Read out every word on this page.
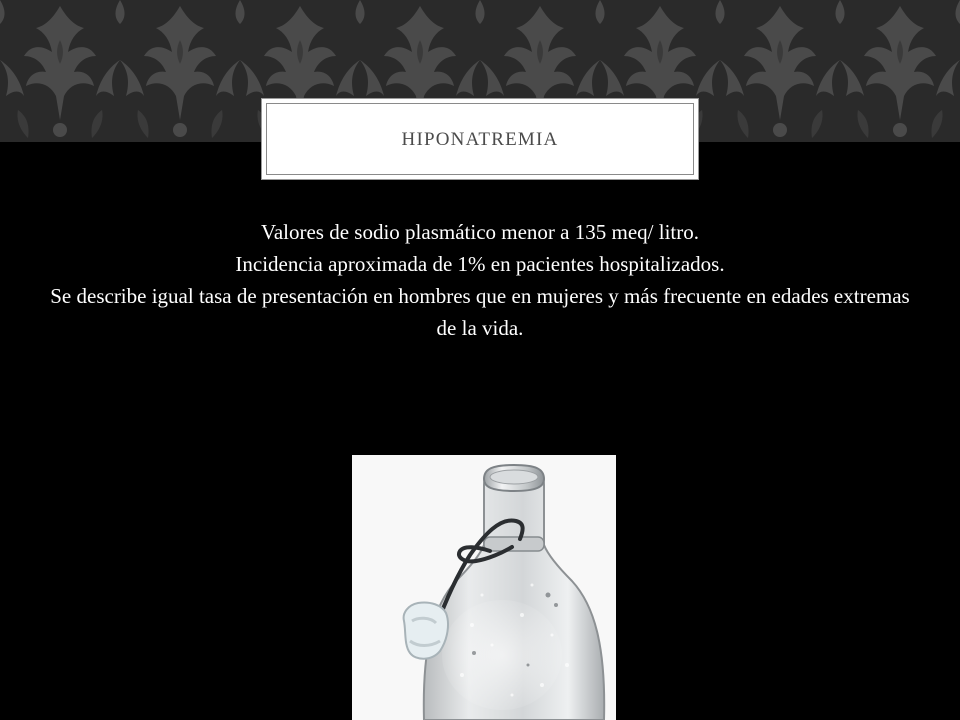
HIPONATREMIA

Valores de sodio plasmático menor a 135 meq/ litro.

Incidencia aproximada de 1% en pacientes hospitalizados.

Se describe igual tasa de presentación en hombres que en mujeres y más frecuente en edades extremas de la vida.
